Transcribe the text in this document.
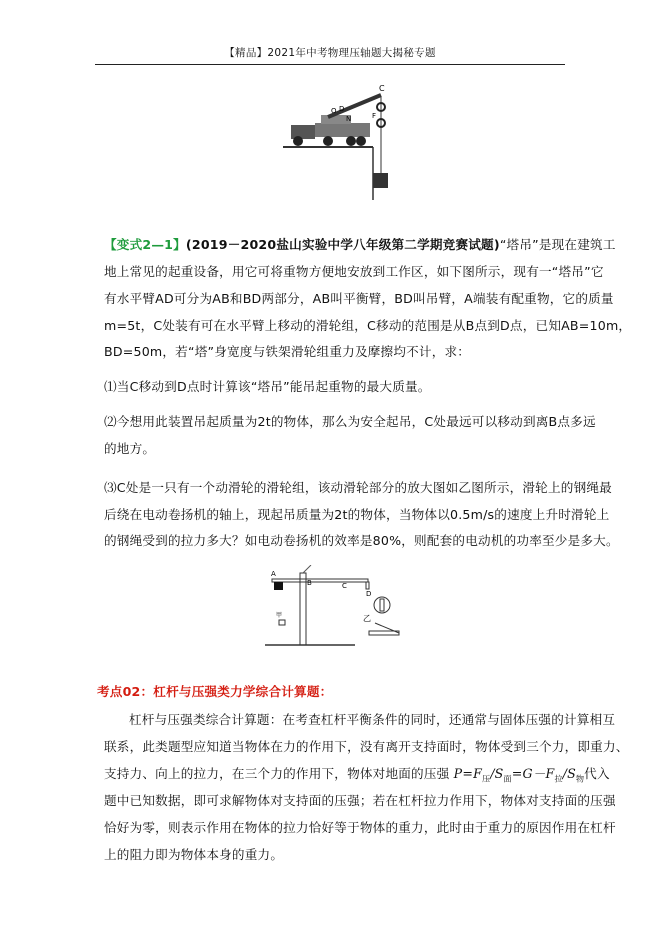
【精品】2021年中考物理压轴题大揭秘专题
C
O D
N	F
【变式2—1】(2019－2020盐山实验中学八年级第二学期竞赛试题)“塔吊”是现在建筑工
地上常见的起重设备，用它可将重物方便地安放到工作区，如下图所示，现有一“塔吊”它
有水平臂AD可分为AB和BD两部分，AB叫平衡臂，BD叫吊臂，A端装有配重物，它的质量
m=5t，C处装有可在水平臂上移动的滑轮组，C移动的范围是从B点到D点，已知AB=10m，
BD=50m，若“塔”身宽度与铁架滑轮组重力及摩擦均不计，求：
⑴当C移动到D点时计算该“塔吊”能吊起重物的最大质量。
⑵今想用此装置吊起质量为2t的物体，那么为安全起吊，C处最远可以移动到离B点多远
的地方。
⑶C处是一只有一个动滑轮的滑轮组，该动滑轮部分的放大图如乙图所示，滑轮上的钢绳最
后绕在电动卷扬机的轴上，现起吊质量为2t的物体，当物体以0.5m/s的速度上升时滑轮上
的钢绳受到的拉力多大？如电动卷扬机的效率是80%，则配套的电动机的功率至少是多大。
A
B	C
D
甲	乙
考点02：杠杆与压强类力学综合计算题：
杠杆与压强类综合计算题：在考查杠杆平衡条件的同时，还通常与固体压强的计算相互
联系，此类题型应知道当物体在力的作用下，没有离开支持面时，物体受到三个力，即重力、
支持力、向上的拉力，在三个力的作用下，物体对地面的压强 $P=F_压/S_面=G-F_拉/S_物$代入
题中已知数据，即可求解物体对支持面的压强；若在杠杆拉力作用下，物体对支持面的压强
恰好为零，则表示作用在物体的拉力恰好等于物体的重力，此时由于重力的原因作用在杠杆
上的阻力即为物体本身的重力。
